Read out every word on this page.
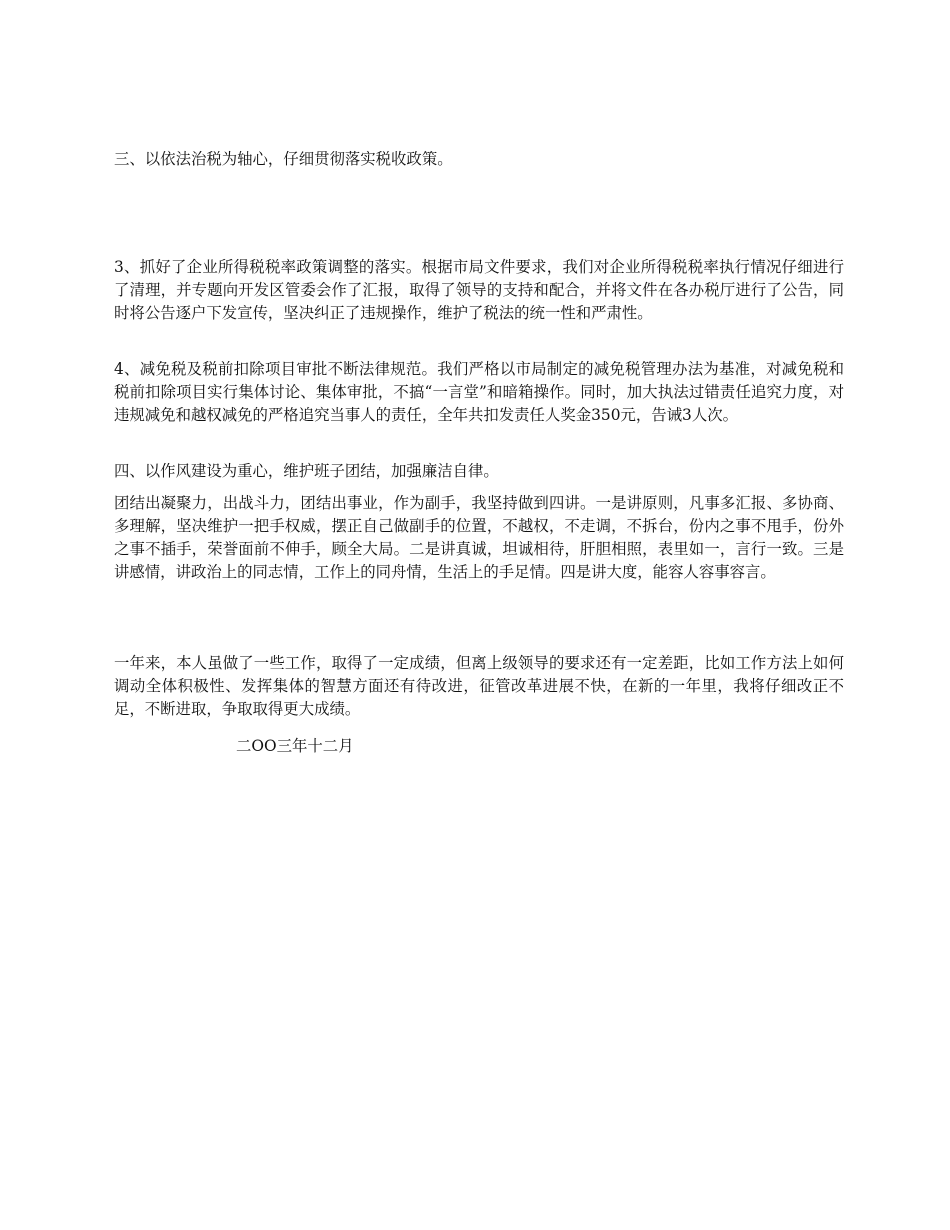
三、以依法治税为轴心，仔细贯彻落实税收政策。

3、抓好了企业所得税税率政策调整的落实。根据市局文件要求，我们对企业所得税税率执行情况仔细进行了清理，并专题向开发区管委会作了汇报，取得了领导的支持和配合，并将文件在各办税厅进行了公告，同时将公告逐户下发宣传，坚决纠正了违规操作，维护了税法的统一性和严肃性。

4、减免税及税前扣除项目审批不断法律规范。我们严格以市局制定的减免税管理办法为基准，对减免税和税前扣除项目实行集体讨论、集体审批，不搞“一言堂”和暗箱操作。同时，加大执法过错责任追究力度，对违规减免和越权减免的严格追究当事人的责任，全年共扣发责任人奖金350元，告诫3人次。

四、以作风建设为重心，维护班子团结，加强廉洁自律。

团结出凝聚力，出战斗力，团结出事业，作为副手，我坚持做到四讲。一是讲原则，凡事多汇报、多协商、多理解，坚决维护一把手权威，摆正自己做副手的位置，不越权，不走调，不拆台，份内之事不甩手，份外之事不插手，荣誉面前不伸手，顾全大局。二是讲真诚，坦诚相待，肝胆相照，表里如一，言行一致。三是讲感情，讲政治上的同志情，工作上的同舟情，生活上的手足情。四是讲大度，能容人容事容言。

一年来，本人虽做了一些工作，取得了一定成绩，但离上级领导的要求还有一定差距，比如工作方法上如何调动全体积极性、发挥集体的智慧方面还有待改进，征管改革进展不快，在新的一年里，我将仔细改正不足，不断进取，争取取得更大成绩。

二OO三年十二月
